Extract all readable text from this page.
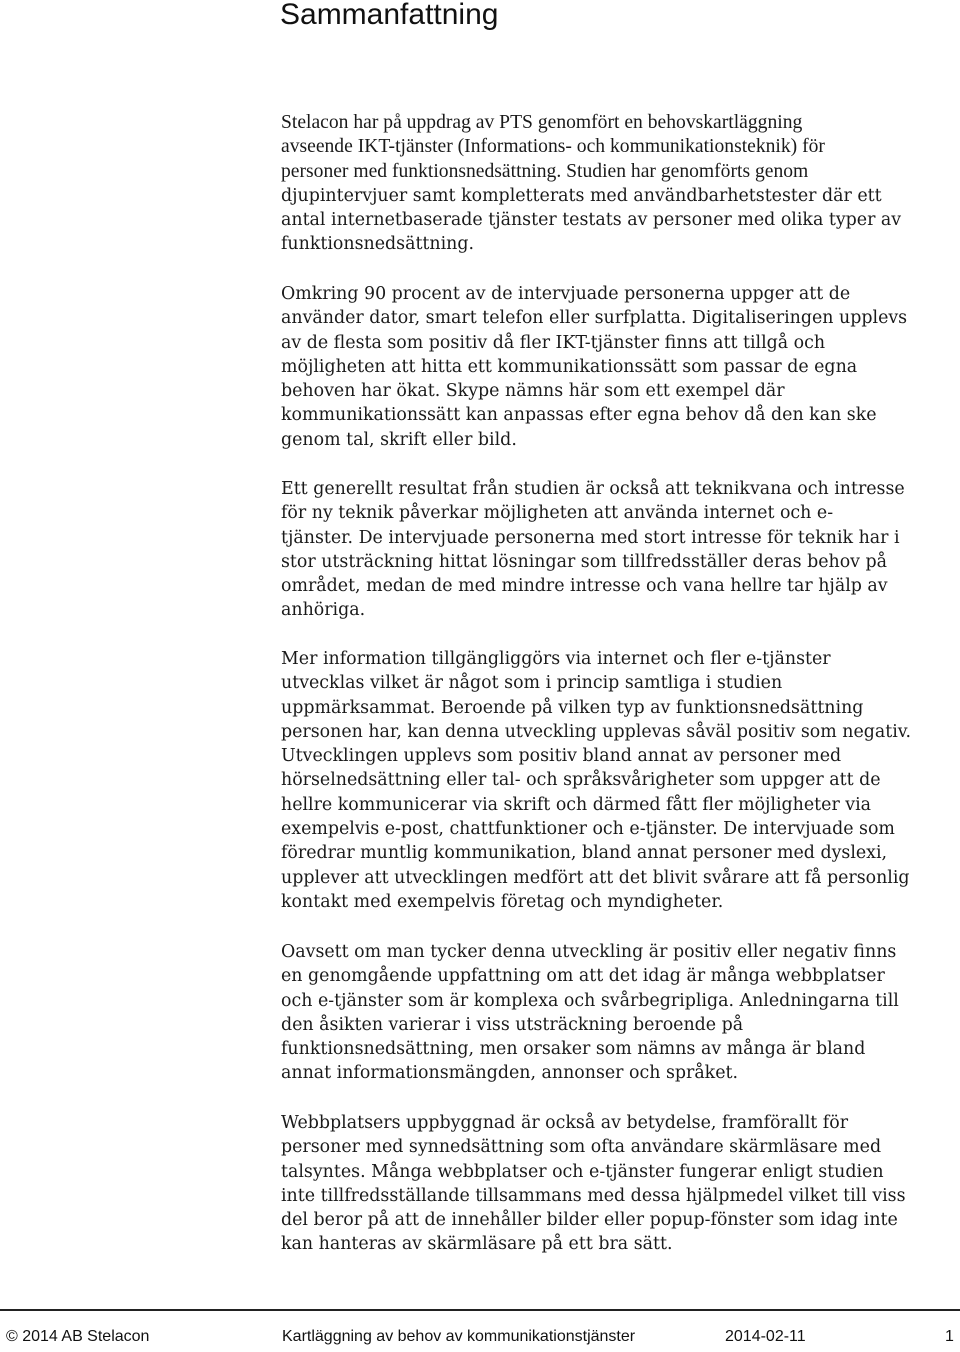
Sammanfattning
Stelacon har på uppdrag av PTS genomfört en behovskartläggning
avseende IKT-tjänster (Informations- och kommunikationsteknik) för
personer med funktionsnedsättning. Studien har genomförts genom
djupintervjuer samt kompletterats med användbarhetstester där ett
antal internetbaserade tjänster testats av personer med olika typer av
funktionsnedsättning.
Omkring 90 procent av de intervjuade personerna uppger att de
använder dator, smart telefon eller surfplatta. Digitaliseringen upplevs
av de flesta som positiv då fler IKT-tjänster finns att tillgå och
möjligheten att hitta ett kommunikationssätt som passar de egna
behoven har ökat. Skype nämns här som ett exempel där
kommunikationssätt kan anpassas efter egna behov då den kan ske
genom tal, skrift eller bild.
Ett generellt resultat från studien är också att teknikvana och intresse
för ny teknik påverkar möjligheten att använda internet och e-
tjänster. De intervjuade personerna med stort intresse för teknik har i
stor utsträckning hittat lösningar som tillfredsställer deras behov på
området, medan de med mindre intresse och vana hellre tar hjälp av
anhöriga.
Mer information tillgängliggörs via internet och fler e-tjänster
utvecklas vilket är något som i princip samtliga i studien
uppmärksammat. Beroende på vilken typ av funktionsnedsättning
personen har, kan denna utveckling upplevas såväl positiv som negativ.
Utvecklingen upplevs som positiv bland annat av personer med
hörselnedsättning eller tal- och språksvårigheter som uppger att de
hellre kommunicerar via skrift och därmed fått fler möjligheter via
exempelvis e-post, chattfunktioner och e-tjänster. De intervjuade som
föredrar muntlig kommunikation, bland annat personer med dyslexi,
upplever att utvecklingen medfört att det blivit svårare att få personlig
kontakt med exempelvis företag och myndigheter.
Oavsett om man tycker denna utveckling är positiv eller negativ finns
en genomgående uppfattning om att det idag är många webbplatser
och e-tjänster som är komplexa och svårbegripliga. Anledningarna till
den åsikten varierar i viss utsträckning beroende på
funktionsnedsättning, men orsaker som nämns av många är bland
annat informationsmängden, annonser och språket.
Webbplatsers uppbyggnad är också av betydelse, framförallt för
personer med synnedsättning som ofta användare skärmläsare med
talsyntes. Många webbplatser och e-tjänster fungerar enligt studien
inte tillfredsställande tillsammans med dessa hjälpmedel vilket till viss
del beror på att de innehåller bilder eller popup-fönster som idag inte
kan hanteras av skärmläsare på ett bra sätt.
© 2014 AB Stelacon	Kartläggning av behov av kommunikationstjänster	2014-02-11	1
